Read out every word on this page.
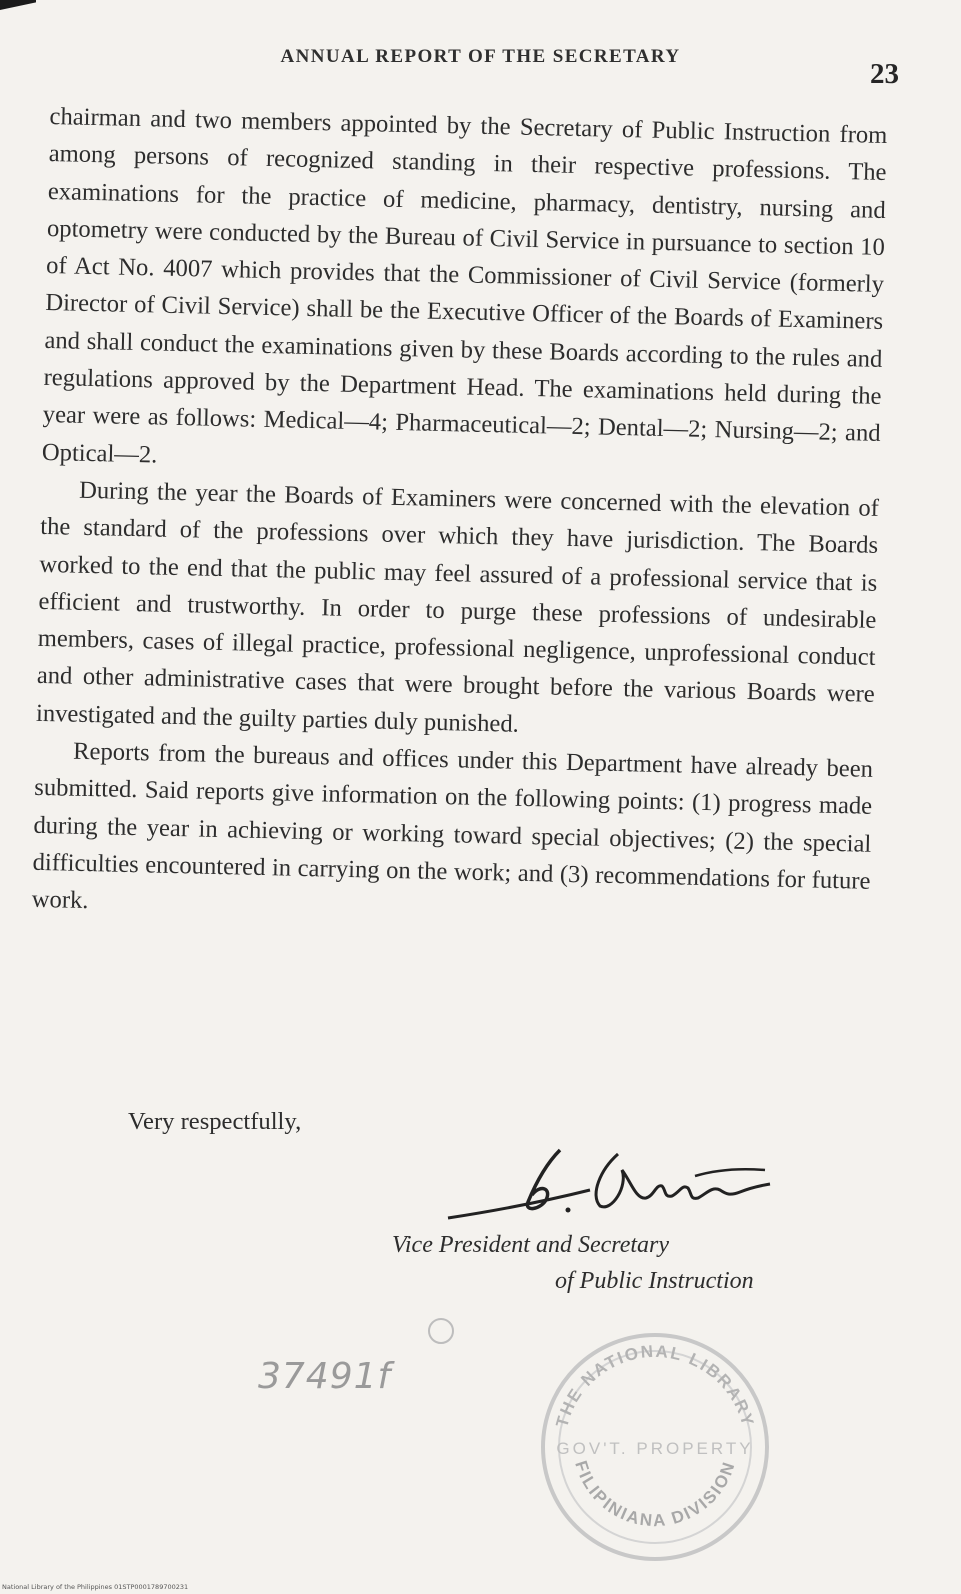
ANNUAL REPORT OF THE SECRETARY
23

chairman and two members appointed by the Secretary of Public Instruction from among persons of recognized standing in their respective professions. The examinations for the practice of medicine, pharmacy, dentistry, nursing and optometry were conducted by the Bureau of Civil Service in pursuance to section 10 of Act No. 4007 which provides that the Commissioner of Civil Service (formerly Director of Civil Service) shall be the Executive Officer of the Boards of Examiners and shall conduct the examinations given by these Boards according to the rules and regulations approved by the Department Head. The examinations held during the year were as follows: Medical—4; Pharmaceutical—2; Dental—2; Nursing—2; and Optical—2.

During the year the Boards of Examiners were concerned with the elevation of the standard of the professions over which they have jurisdiction. The Boards worked to the end that the public may feel assured of a professional service that is efficient and trustworthy. In order to purge these professions of undesirable members, cases of illegal practice, professional negligence, unprofessional conduct and other administrative cases that were brought before the various Boards were investigated and the guilty parties duly punished.

Reports from the bureaus and offices under this Department have already been submitted. Said reports give information on the following points: (1) progress made during the year in achieving or working toward special objectives; (2) the special difficulties encountered in carrying on the work; and (3) recommendations for future work.

Very respectfully,
Vice President and Secretary
of Public Instruction
37491f
THE NATIONAL LIBRARY
GOV'T. PROPERTY
FILIPINIANA DIVISION
National Library of the Philippines 01STP0001789700231
